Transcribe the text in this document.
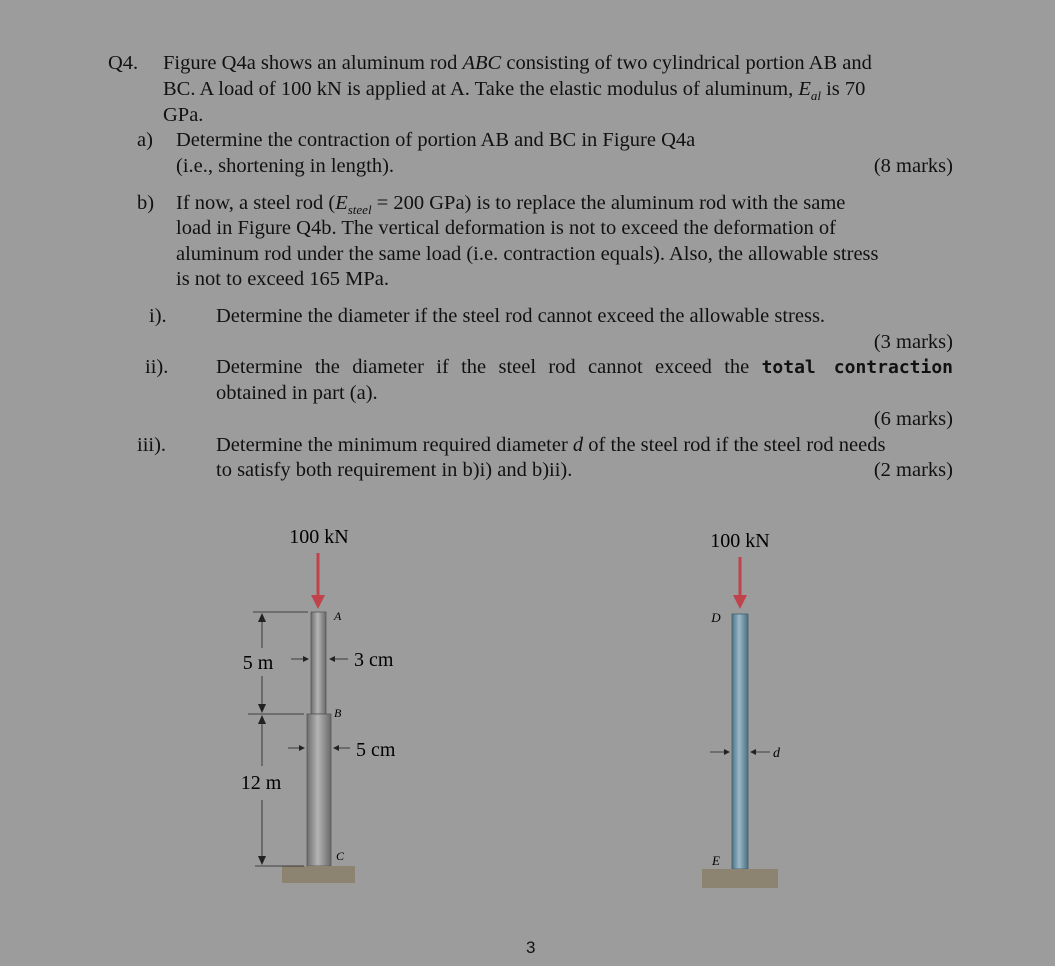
Q4. Figure Q4a shows an aluminum rod ABC consisting of two cylindrical portion AB and
BC. A load of 100 kN is applied at A. Take the elastic modulus of aluminum, $E_{al}$ is 70
GPa.
a) Determine the contraction of portion AB and BC in Figure Q4a
(i.e., shortening in length).	(8 marks)
b) If now, a steel rod ($E_{steel} = 200$ GPa) is to replace the aluminum rod with the same
load in Figure Q4b. The vertical deformation is not to exceed the deformation of
aluminum rod under the same load (i.e. contraction equals). Also, the allowable stress
is not to exceed 165 MPa.
i). Determine the diameter if the steel rod cannot exceed the allowable stress.
(3 marks)
ii). Determine the diameter if the steel rod cannot exceed the total contraction
obtained in part (a).
(6 marks)
iii). Determine the minimum required diameter d of the steel rod if the steel rod needs
to satisfy both requirement in b)i) and b)ii).	(2 marks)
100 kN
A
B
C
5 m
12 m
3 cm
5 cm
100 kN
D
E
d
3
